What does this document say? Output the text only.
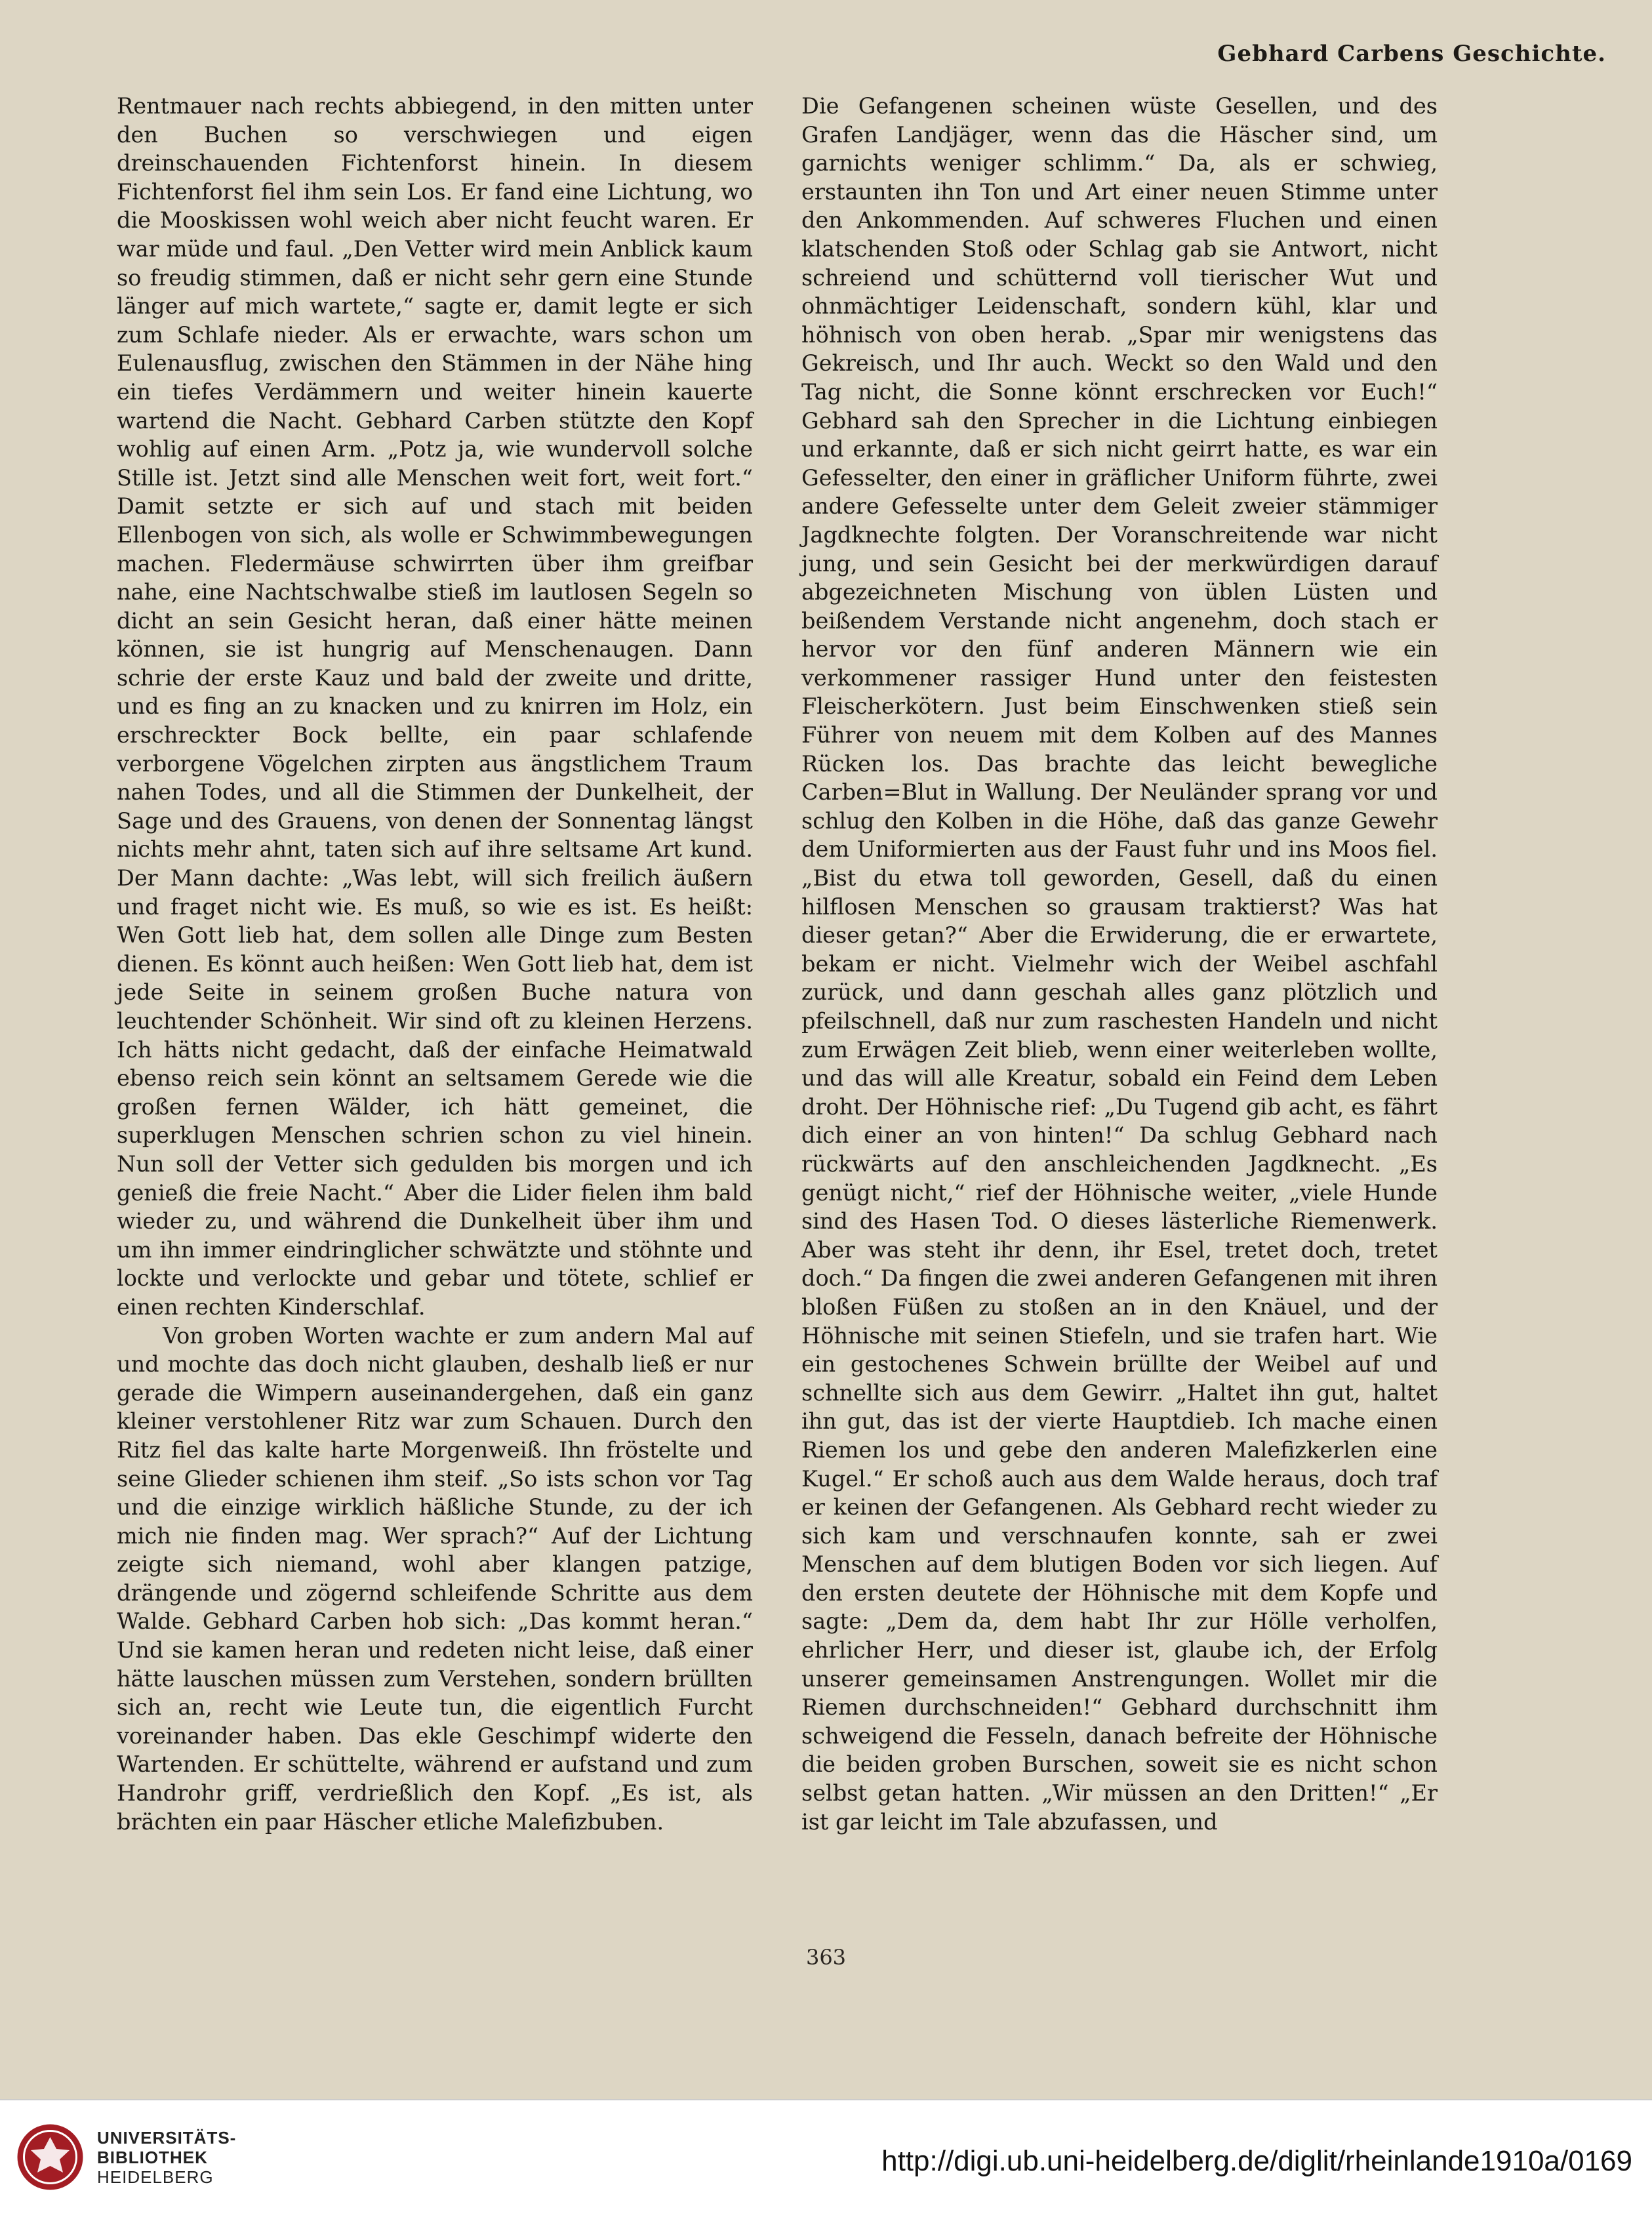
Gebhard Carbens Geschichte.

Rentmauer nach rechts abbiegend, in den mitten unter den Buchen so verschwiegen und eigen dreinschauenden Fichtenforst hinein. In diesem Fichtenforst fiel ihm sein Los. Er fand eine Lichtung, wo die Mooskissen wohl weich aber nicht feucht waren. Er war müde und faul. „Den Vetter wird mein Anblick kaum so freudig stimmen, daß er nicht sehr gern eine Stunde länger auf mich wartete,“ sagte er, damit legte er sich zum Schlafe nieder. Als er erwachte, wars schon um Eulenausflug, zwischen den Stämmen in der Nähe hing ein tiefes Verdämmern und weiter hinein kauerte wartend die Nacht. Gebhard Carben stützte den Kopf wohlig auf einen Arm. „Potz ja, wie wundervoll solche Stille ist. Jetzt sind alle Menschen weit fort, weit fort.“ Damit setzte er sich auf und stach mit beiden Ellenbogen von sich, als wolle er Schwimmbewegungen machen. Fledermäuse schwirrten über ihm greifbar nahe, eine Nachtschwalbe stieß im lautlosen Segeln so dicht an sein Gesicht heran, daß einer hätte meinen können, sie ist hungrig auf Menschenaugen. Dann schrie der erste Kauz und bald der zweite und dritte, und es fing an zu knacken und zu knirren im Holz, ein erschreckter Bock bellte, ein paar schlafende verborgene Vögelchen zirpten aus ängstlichem Traum nahen Todes, und all die Stimmen der Dunkelheit, der Sage und des Grauens, von denen der Sonnentag längst nichts mehr ahnt, taten sich auf ihre seltsame Art kund. Der Mann dachte: „Was lebt, will sich freilich äußern und fraget nicht wie. Es muß, so wie es ist. Es heißt: Wen Gott lieb hat, dem sollen alle Dinge zum Besten dienen. Es könnt auch heißen: Wen Gott lieb hat, dem ist jede Seite in seinem großen Buche natura von leuchtender Schönheit. Wir sind oft zu kleinen Herzens. Ich hätts nicht gedacht, daß der einfache Heimatwald ebenso reich sein könnt an seltsamem Gerede wie die großen fernen Wälder, ich hätt gemeinet, die superklugen Menschen schrien schon zu viel hinein. Nun soll der Vetter sich gedulden bis morgen und ich genieß die freie Nacht.“ Aber die Lider fielen ihm bald wieder zu, und während die Dunkelheit über ihm und um ihn immer eindringlicher schwätzte und stöhnte und lockte und verlockte und gebar und tötete, schlief er einen rechten Kinderschlaf.

Von groben Worten wachte er zum andern Mal auf und mochte das doch nicht glauben, deshalb ließ er nur gerade die Wimpern auseinandergehen, daß ein ganz kleiner verstohlener Ritz war zum Schauen. Durch den Ritz fiel das kalte harte Morgenweiß. Ihn fröstelte und seine Glieder schienen ihm steif. „So ists schon vor Tag und die einzige wirklich häßliche Stunde, zu der ich mich nie finden mag. Wer sprach?“ Auf der Lichtung zeigte sich niemand, wohl aber klangen patzige, drängende und zögernd schleifende Schritte aus dem Walde. Gebhard Carben hob sich: „Das kommt heran.“ Und sie kamen heran und redeten nicht leise, daß einer hätte lauschen müssen zum Verstehen, sondern brüllten sich an, recht wie Leute tun, die eigentlich Furcht voreinander haben. Das ekle Geschimpf widerte den Wartenden. Er schüttelte, während er aufstand und zum Handrohr griff, verdrießlich den Kopf. „Es ist, als brächten ein paar Häscher etliche Malefizbuben.

Die Gefangenen scheinen wüste Gesellen, und des Grafen Landjäger, wenn das die Häscher sind, um garnichts weniger schlimm.“ Da, als er schwieg, erstaunten ihn Ton und Art einer neuen Stimme unter den Ankommenden. Auf schweres Fluchen und einen klatschenden Stoß oder Schlag gab sie Antwort, nicht schreiend und schütternd voll tierischer Wut und ohnmächtiger Leidenschaft, sondern kühl, klar und höhnisch von oben herab. „Spar mir wenigstens das Gekreisch, und Ihr auch. Weckt so den Wald und den Tag nicht, die Sonne könnt erschrecken vor Euch!“ Gebhard sah den Sprecher in die Lichtung einbiegen und erkannte, daß er sich nicht geirrt hatte, es war ein Gefesselter, den einer in gräflicher Uniform führte, zwei andere Gefesselte unter dem Geleit zweier stämmiger Jagdknechte folgten. Der Voranschreitende war nicht jung, und sein Gesicht bei der merkwürdigen darauf abgezeichneten Mischung von üblen Lüsten und beißendem Verstande nicht angenehm, doch stach er hervor vor den fünf anderen Männern wie ein verkommener rassiger Hund unter den feistesten Fleischerkötern. Just beim Einschwenken stieß sein Führer von neuem mit dem Kolben auf des Mannes Rücken los. Das brachte das leicht bewegliche Carben=Blut in Wallung. Der Neuländer sprang vor und schlug den Kolben in die Höhe, daß das ganze Gewehr dem Uniformierten aus der Faust fuhr und ins Moos fiel. „Bist du etwa toll geworden, Gesell, daß du einen hilflosen Menschen so grausam traktierst? Was hat dieser getan?“ Aber die Erwiderung, die er erwartete, bekam er nicht. Vielmehr wich der Weibel aschfahl zurück, und dann geschah alles ganz plötzlich und pfeilschnell, daß nur zum raschesten Handeln und nicht zum Erwägen Zeit blieb, wenn einer weiterleben wollte, und das will alle Kreatur, sobald ein Feind dem Leben droht. Der Höhnische rief: „Du Tugend gib acht, es fährt dich einer an von hinten!“ Da schlug Gebhard nach rückwärts auf den anschleichenden Jagdknecht. „Es genügt nicht,“ rief der Höhnische weiter, „viele Hunde sind des Hasen Tod. O dieses lästerliche Riemenwerk. Aber was steht ihr denn, ihr Esel, tretet doch, tretet doch.“ Da fingen die zwei anderen Gefangenen mit ihren bloßen Füßen zu stoßen an in den Knäuel, und der Höhnische mit seinen Stiefeln, und sie trafen hart. Wie ein gestochenes Schwein brüllte der Weibel auf und schnellte sich aus dem Gewirr. „Haltet ihn gut, haltet ihn gut, das ist der vierte Hauptdieb. Ich mache einen Riemen los und gebe den anderen Malefizkerlen eine Kugel.“ Er schoß auch aus dem Walde heraus, doch traf er keinen der Gefangenen. Als Gebhard recht wieder zu sich kam und verschnaufen konnte, sah er zwei Menschen auf dem blutigen Boden vor sich liegen. Auf den ersten deutete der Höhnische mit dem Kopfe und sagte: „Dem da, dem habt Ihr zur Hölle verholfen, ehrlicher Herr, und dieser ist, glaube ich, der Erfolg unserer gemeinsamen Anstrengungen. Wollet mir die Riemen durchschneiden!“ Gebhard durchschnitt ihm schweigend die Fesseln, danach befreite der Höhnische die beiden groben Burschen, soweit sie es nicht schon selbst getan hatten. „Wir müssen an den Dritten!“ „Er ist gar leicht im Tale abzufassen, und

363
UNIVERSITÄTS-
BIBLIOTHEK
HEIDELBERG	http://digi.ub.uni-heidelberg.de/diglit/rheinlande1910a/0169
